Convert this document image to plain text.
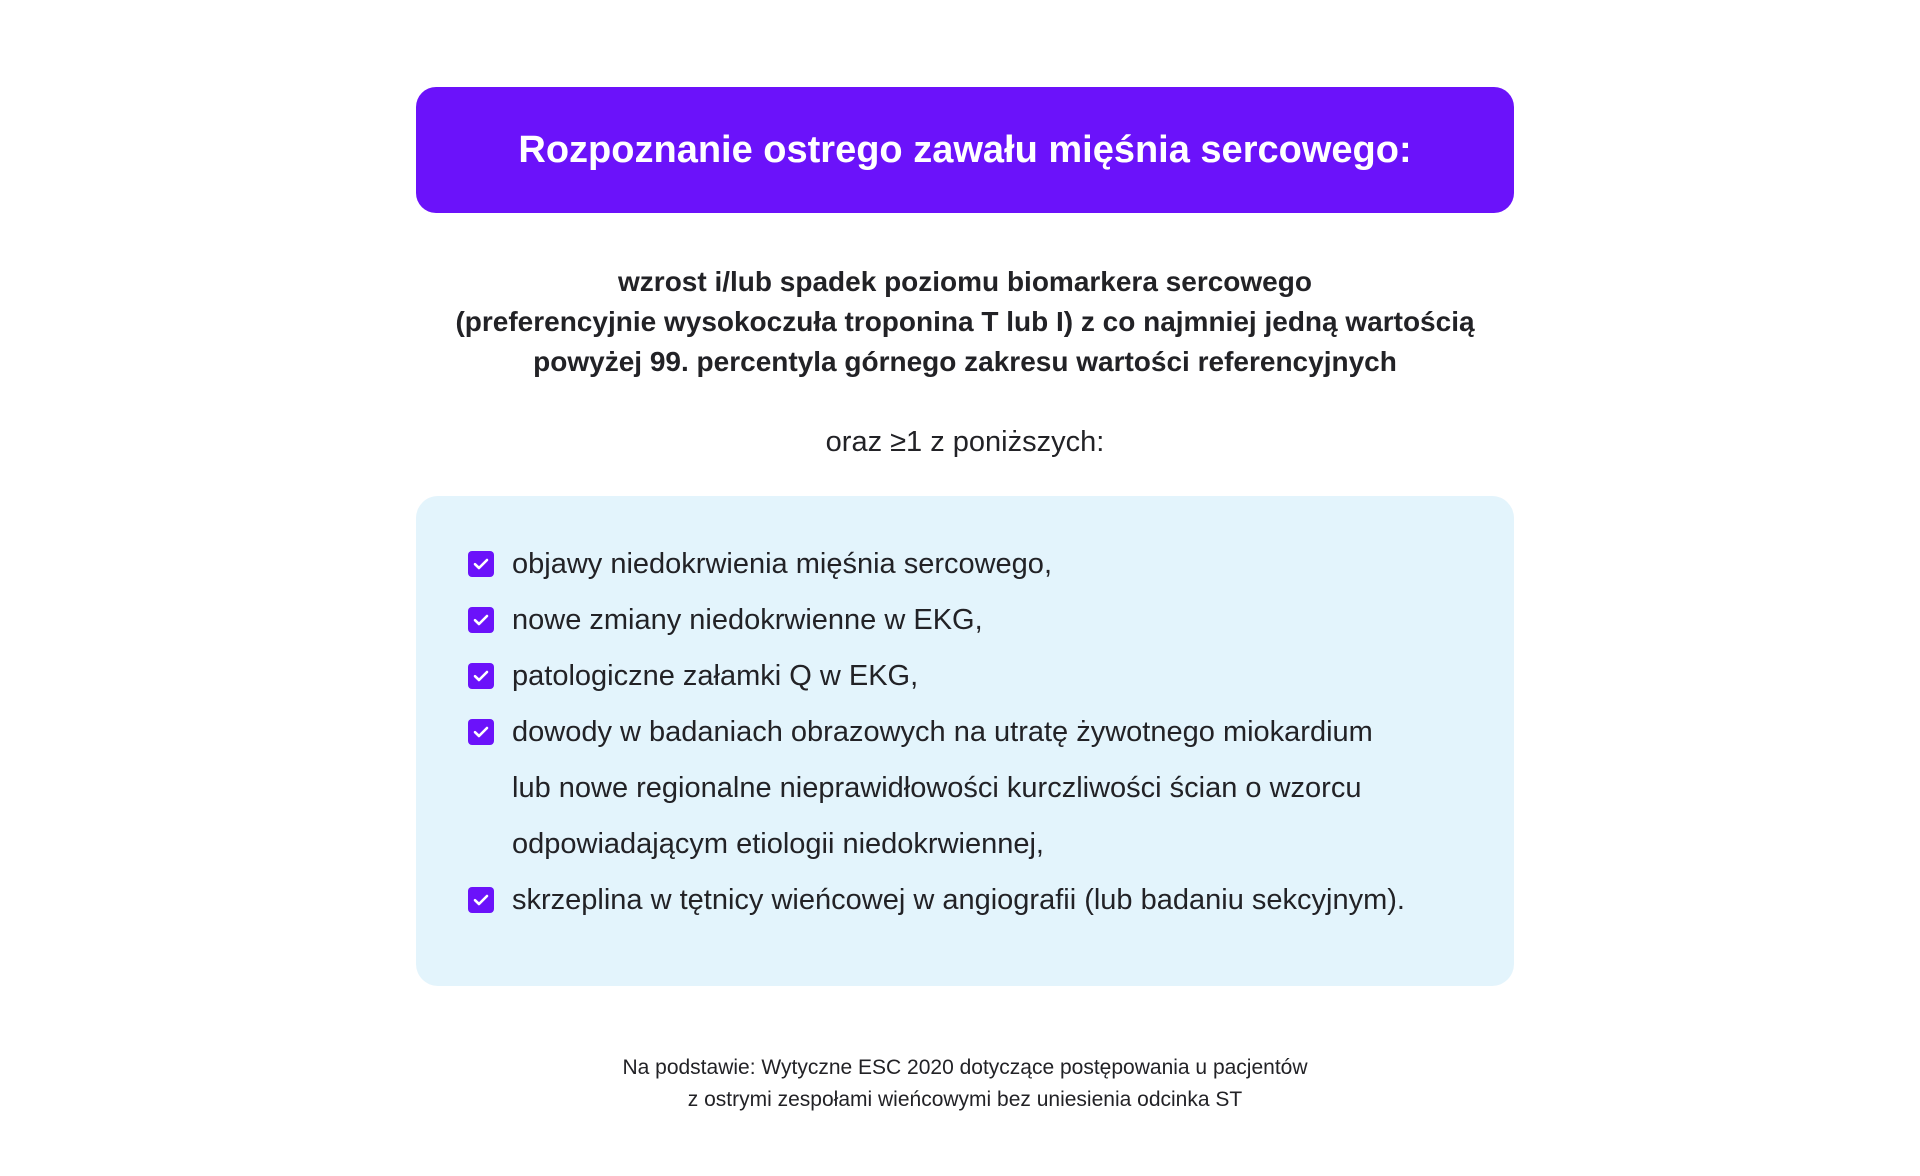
Rozpoznanie ostrego zawału mięśnia sercowego:
wzrost i/lub spadek poziomu biomarkera sercowego
(preferencyjnie wysokoczuła troponina T lub I) z co najmniej jedną wartością
powyżej 99. percentyla górnego zakresu wartości referencyjnych
oraz ≥1 z poniższych:
objawy niedokrwienia mięśnia sercowego,
nowe zmiany niedokrwienne w EKG,
patologiczne załamki Q w EKG,
dowody w badaniach obrazowych na utratę żywotnego miokardium
lub nowe regionalne nieprawidłowości kurczliwości ścian o wzorcu
odpowiadającym etiologii niedokrwiennej,
skrzeplina w tętnicy wieńcowej w angiografii (lub badaniu sekcyjnym).
Na podstawie: Wytyczne ESC 2020 dotyczące postępowania u pacjentów
z ostrymi zespołami wieńcowymi bez uniesienia odcinka ST
